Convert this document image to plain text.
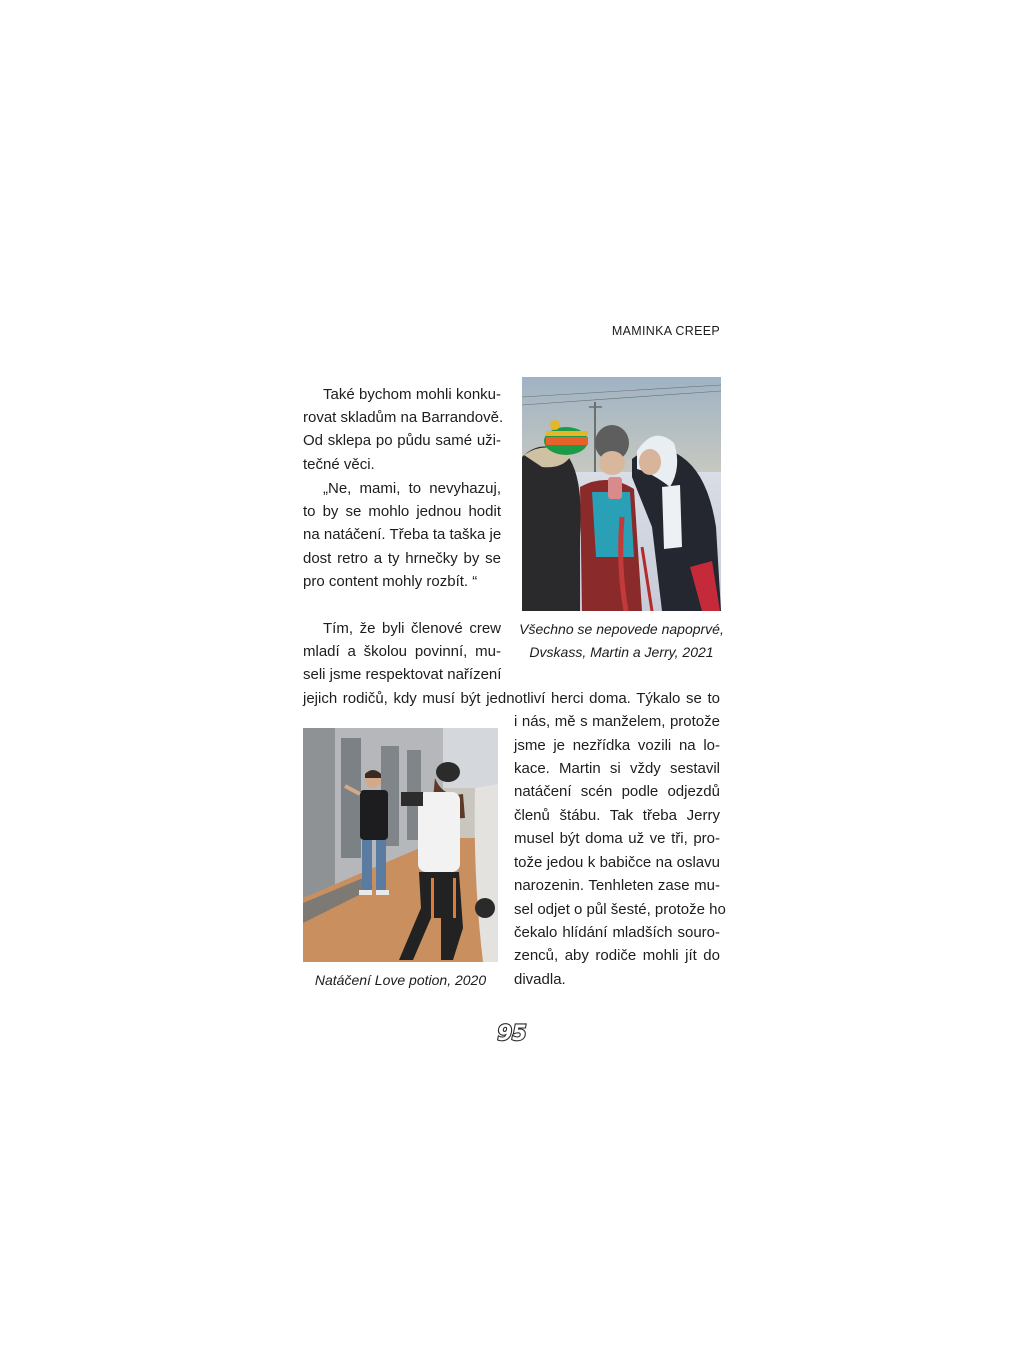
MAMINKA CREEP
Také bychom mohli konku-
rovat skladům na Barrandově.
Od sklepa po půdu samé uži-
tečné věci.
„Ne, mami, to nevyhazuj,
to by se mohlo jednou hodit
na natáčení. Třeba ta taška je
dost retro a ty hrnečky by se
pro content mohly rozbít. “
Všechno se nepovede napoprvé,
Dvskass, Martin a Jerry, 2021
Tím, že byli členové crew
mladí a školou povinní, mu-
seli jsme respektovat nařízení
jejich rodičů, kdy musí být jednotliví herci doma. Týkalo se to
Natáčení Love potion, 2020
i nás, mě s manželem, protože
jsme je nezřídka vozili na lo-
kace. Martin si vždy sestavil
natáčení scén podle odjezdů
členů štábu. Tak třeba Jerry
musel být doma už ve tři, pro-
tože jedou k babičce na oslavu
narozenin. Tenhleten zase mu-
sel odjet o půl šesté, protože ho
čekalo hlídání mladších souro-
zenců, aby rodiče mohli jít do
divadla.
95
